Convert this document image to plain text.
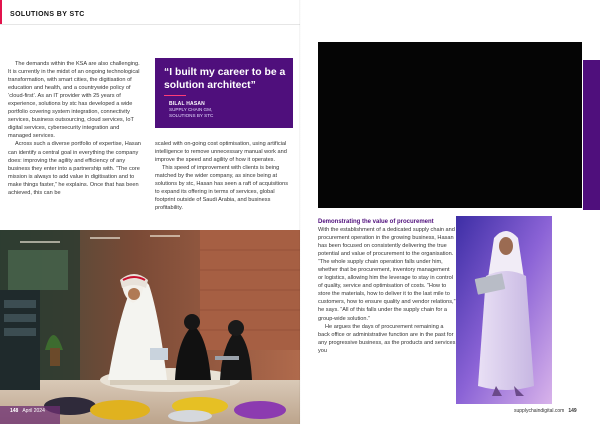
SOLUTIONS BY STC

The demands within the KSA are also challenging. It is currently in the midst of an ongoing technological transformation, with smart cities, the digitisation of education and health, and a countrywide policy of ‘cloud-first’. As an IT provider with 25 years of experience, solutions by stc has developed a wide portfolio covering system integration, connectivity services, business outsourcing, cloud services, IoT digital services, cybersecurity integration and managed services.

Across such a diverse portfolio of expertise, Hasan can identify a central goal in everything the company does: improving the agility and efficiency of any business they enter into a partnership with. “The core mission is always to add value in digitisation and to make things faster,” he explains. Once that has been achieved, this can be

“I built my career to be a solution architect”
BILAL HASAN
SUPPLY CHAIN GM,
SOLUTIONS BY STC

scaled with on-going cost optimisation, using artificial intelligence to remove unnecessary manual work and improve the speed and agility of how it operates.

This speed of improvement with clients is being matched by the wider company, as since being at solutions by stc, Hasan has seen a raft of acquisitions to expand its offering in terms of services, global footprint outside of Saudi Arabia, and business profitability.

148 April 2024
Demonstrating the value of procurement

With the establishment of a dedicated supply chain and procurement operation in the growing business, Hasan has been focused on consistently delivering the true potential and value of procurement to the organisation. “The whole supply chain operation falls under him, whether that be procurement, inventory management or logistics, allowing him the leverage to stay in control of quality, service and optimisation of costs. “How to store the materials, how to deliver it to the last mile to customers, how to ensure quality and vendor relations,” he says. “All of this falls under the supply chain for a group-wide solution.”

He argues the days of procurement remaining a back office or administrative function are in the past for any progressive business, as the products and services you

supplychaindigital.com 149
